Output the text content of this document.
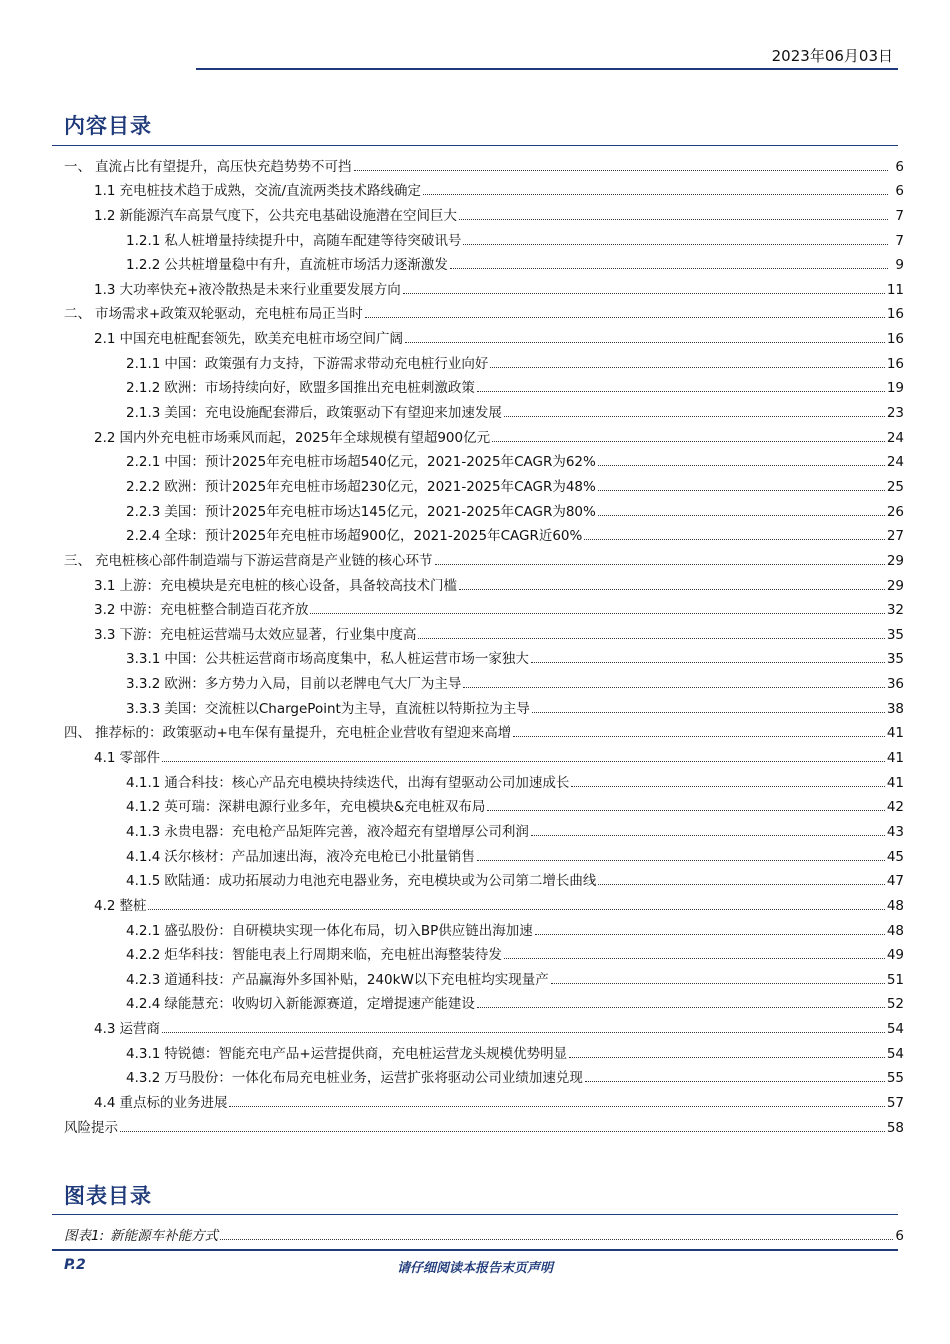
2023年06月03日
内容目录
一、 直流占比有望提升，高压快充趋势势不可挡	6
1.1 充电桩技术趋于成熟，交流/直流两类技术路线确定	6
1.2 新能源汽车高景气度下，公共充电基础设施潜在空间巨大	7
1.2.1 私人桩增量持续提升中，高随车配建等待突破讯号	7
1.2.2 公共桩增量稳中有升，直流桩市场活力逐渐激发	9
1.3 大功率快充+液冷散热是未来行业重要发展方向	11
二、 市场需求+政策双轮驱动，充电桩布局正当时	16
2.1 中国充电桩配套领先，欧美充电桩市场空间广阔	16
2.1.1 中国：政策强有力支持，下游需求带动充电桩行业向好	16
2.1.2 欧洲：市场持续向好，欧盟多国推出充电桩刺激政策	19
2.1.3 美国：充电设施配套滞后，政策驱动下有望迎来加速发展	23
2.2 国内外充电桩市场乘风而起，2025年全球规模有望超900亿元	24
2.2.1 中国：预计2025年充电桩市场超540亿元，2021-2025年CAGR为62%	24
2.2.2 欧洲：预计2025年充电桩市场超230亿元，2021-2025年CAGR为48%	25
2.2.3 美国：预计2025年充电桩市场达145亿元，2021-2025年CAGR为80%	26
2.2.4 全球：预计2025年充电桩市场超900亿，2021-2025年CAGR近60%	27
三、 充电桩核心部件制造端与下游运营商是产业链的核心环节	29
3.1 上游：充电模块是充电桩的核心设备，具备较高技术门槛	29
3.2 中游：充电桩整合制造百花齐放	32
3.3 下游：充电桩运营端马太效应显著，行业集中度高	35
3.3.1 中国：公共桩运营商市场高度集中，私人桩运营市场一家独大	35
3.3.2 欧洲：多方势力入局，目前以老牌电气大厂为主导	36
3.3.3 美国：交流桩以ChargePoint为主导，直流桩以特斯拉为主导	38
四、 推荐标的：政策驱动+电车保有量提升，充电桩企业营收有望迎来高增	41
4.1 零部件	41
4.1.1 通合科技：核心产品充电模块持续迭代，出海有望驱动公司加速成长	41
4.1.2 英可瑞：深耕电源行业多年，充电模块&充电桩双布局	42
4.1.3 永贵电器：充电枪产品矩阵完善，液冷超充有望增厚公司利润	43
4.1.4 沃尔核材：产品加速出海，液冷充电枪已小批量销售	45
4.1.5 欧陆通：成功拓展动力电池充电器业务，充电模块或为公司第二增长曲线	47
4.2 整桩	48
4.2.1 盛弘股份：自研模块实现一体化布局，切入BP供应链出海加速	48
4.2.2 炬华科技：智能电表上行周期来临，充电桩出海整装待发	49
4.2.3 道通科技：产品赢海外多国补贴，240kW以下充电桩均实现量产	51
4.2.4 绿能慧充：收购切入新能源赛道，定增提速产能建设	52
4.3 运营商	54
4.3.1 特锐德：智能充电产品+运营提供商，充电桩运营龙头规模优势明显	54
4.3.2 万马股份：一体化布局充电桩业务，运营扩张将驱动公司业绩加速兑现	55
4.4 重点标的业务进展	57
风险提示	58
图表目录
图表1: 新能源车补能方式	6
P.2	请仔细阅读本报告末页声明
